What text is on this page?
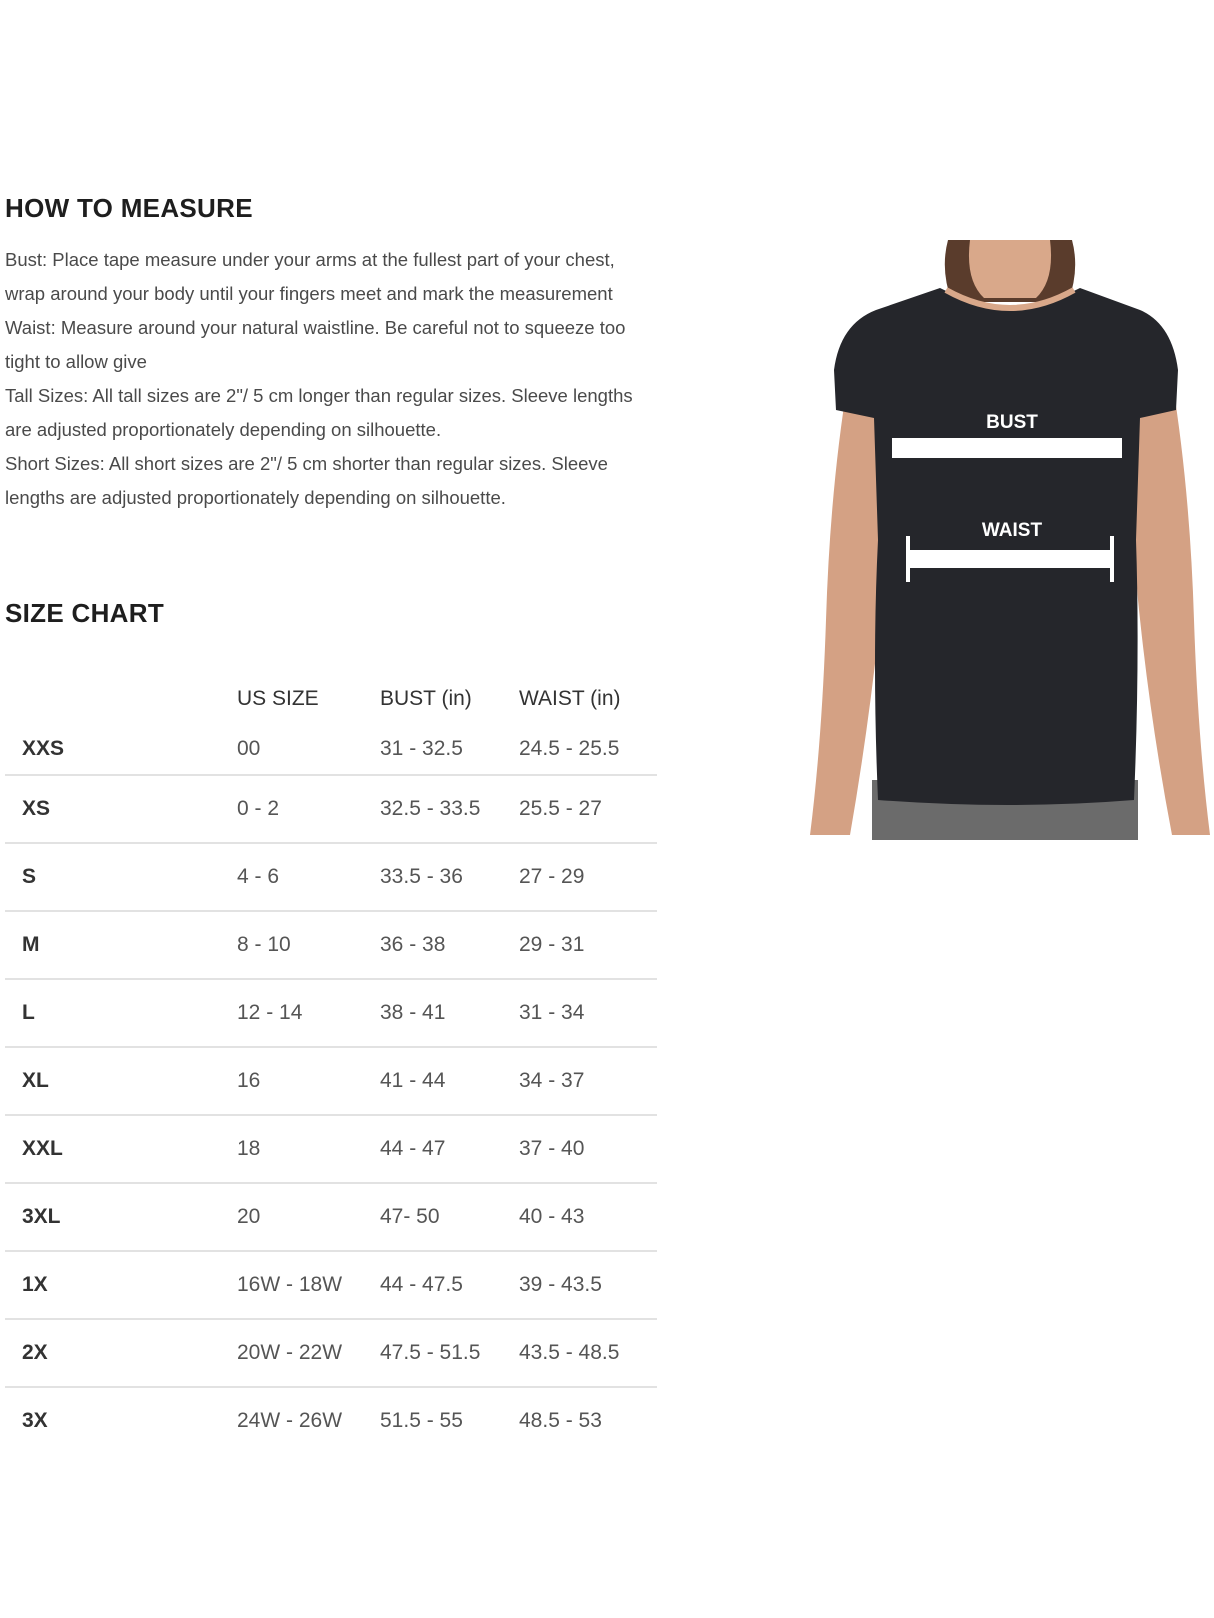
HOW TO MEASURE

Bust: Place tape measure under your arms at the fullest part of your chest, wrap around your body until your fingers meet and mark the measurement

Waist: Measure around your natural waistline. Be careful not to squeeze too tight to allow give

Tall Sizes: All tall sizes are 2"/ 5 cm longer than regular sizes. Sleeve lengths are adjusted proportionately depending on silhouette.

Short Sizes: All short sizes are 2"/ 5 cm shorter than regular sizes. Sleeve lengths are adjusted proportionately depending on silhouette.

SIZE CHART
	US SIZE	BUST (in)	WAIST (in)
XXS	00	31 - 32.5	24.5 - 25.5
XS	0 - 2	32.5 - 33.5	25.5 - 27
S	4 - 6	33.5 - 36	27 - 29
M	8 - 10	36 - 38	29 - 31
L	12 - 14	38 - 41	31 - 34
XL	16	41 - 44	34 - 37
XXL	18	44 - 47	37 - 40
3XL	20	47- 50	40 - 43
1X	16W - 18W	44 - 47.5	39 - 43.5
2X	20W - 22W	47.5 - 51.5	43.5 - 48.5
3X	24W - 26W	51.5 - 55	48.5 - 53
BUST
WAIST
